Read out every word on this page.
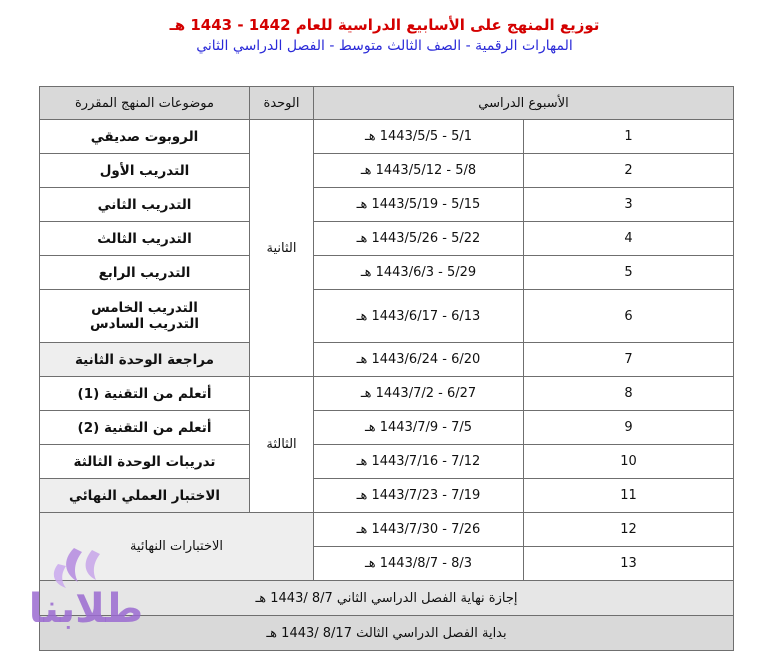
توزيع المنهج على الأسابيع الدراسية للعام 1442 - 1443 هـ
المهارات الرقمية - الصف الثالث متوسط - الفصل الدراسي الثاني
الأسبوع الدراسي		الوحدة	موضوعات المنهج المقررة
1	5/1 - 1443/5/5 هـ	الثانية	الروبوت صديقي
2	5/8 - 1443/5/12 هـ		التدريب الأول
3	5/15 - 1443/5/19 هـ		التدريب الثاني
4	5/22 - 1443/5/26 هـ		التدريب الثالث
5	5/29 - 1443/6/3 هـ		التدريب الرابع
6	6/13 - 1443/6/17 هـ		التدريب الخامس
التدريب السادس

7	6/20 - 1443/6/24 هـ		مراجعة الوحدة الثانية
8	6/27 - 1443/7/2 هـ	الثالثة	أتعلم من التقنية (1)
9	7/5 - 1443/7/9 هـ		أتعلم من التقنية (2)
10	7/12 - 1443/7/16 هـ		تدريبات الوحدة الثالثة
11	7/19 - 1443/7/23 هـ		الاختبار العملي النهائي
12	7/26 - 1443/7/30 هـ	الاختبارات النهائية	
13	8/3 - 1443/8/7 هـ		
إجازة نهاية الفصل الدراسي الثاني 8/7 /1443 هـ			
بداية الفصل الدراسي الثالث 8/17 /1443 هـ			
طلابنا
